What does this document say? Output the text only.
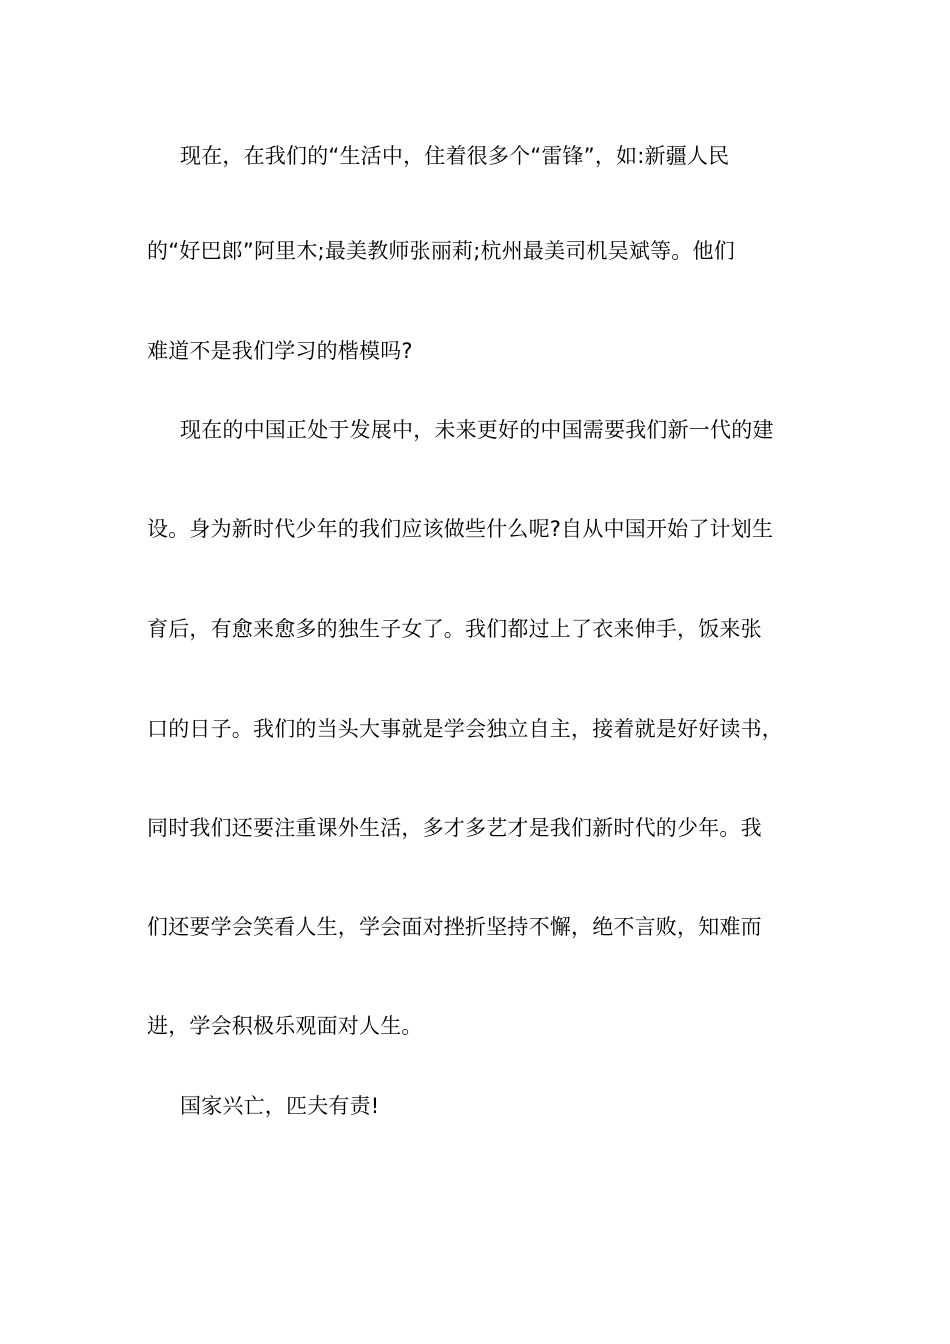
现在，在我们的“生活中，住着很多个“雷锋”，如:新疆人民
的“好巴郎”阿里木;最美教师张丽莉;杭州最美司机吴斌等。他们
难道不是我们学习的楷模吗?
现在的中国正处于发展中，未来更好的中国需要我们新一代的建
设。身为新时代少年的我们应该做些什么呢?自从中国开始了计划生
育后，有愈来愈多的独生子女了。我们都过上了衣来伸手，饭来张
口的日子。我们的当头大事就是学会独立自主，接着就是好好读书，
同时我们还要注重课外生活，多才多艺才是我们新时代的少年。我
们还要学会笑看人生，学会面对挫折坚持不懈，绝不言败，知难而
进，学会积极乐观面对人生。
国家兴亡，匹夫有责!
